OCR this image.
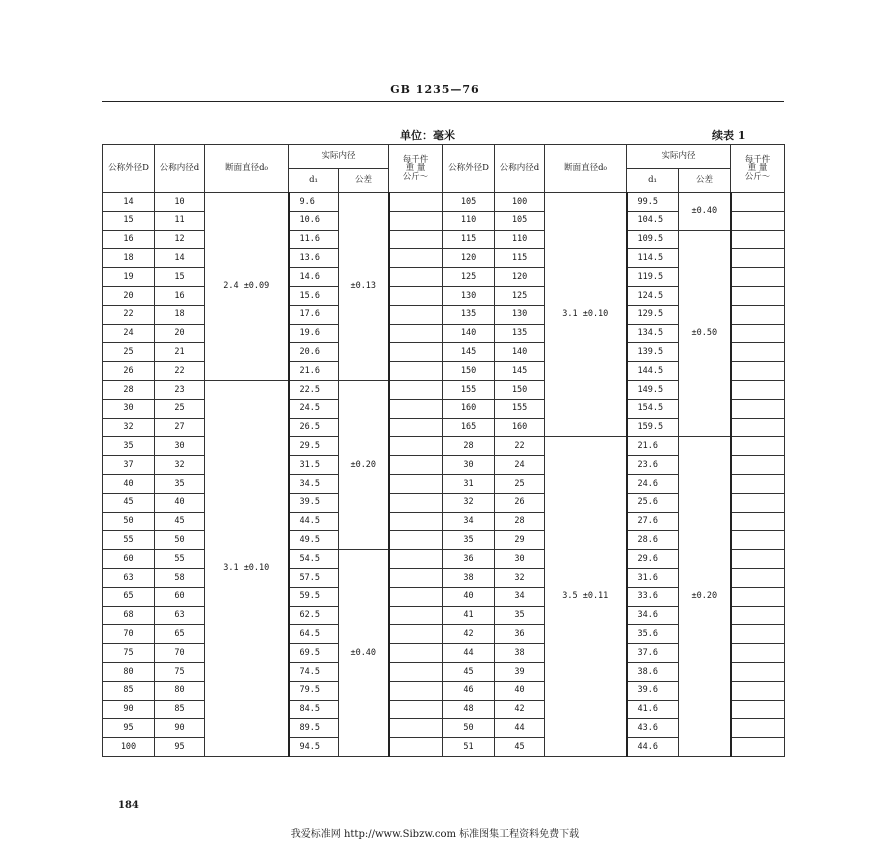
GB 1235—76
单位：毫米	续表 1
公称外径D	公称内径d	断面直径d₀	实际内径		每千件
重 量
公斤～	公称外径D	公称内径d	断面直径d₀	实际内径		每千件
重 量
公斤～

			d₁	公差					d₁	公差	
14	10	2.4 ±0.09	9.6	±0.13		105	100	3.1 ±0.10	99.5	±0.40	
15	11		10.6			110	105		104.5		
16	12		11.6			115	110		109.5	±0.50	
18	14		13.6			120	115		114.5		
19	15		14.6			125	120		119.5		
20	16		15.6			130	125		124.5		
22	18		17.6			135	130		129.5		
24	20		19.6			140	135		134.5		
25	21		20.6			145	140		139.5		
26	22		21.6			150	145		144.5		
28	23	3.1 ±0.10	22.5	±0.20		155	150		149.5		
30	25		24.5			160	155		154.5		
32	27		26.5			165	160		159.5		
35	30		29.5			28	22	3.5 ±0.11	21.6	±0.20	
37	32		31.5			30	24		23.6		
40	35		34.5			31	25		24.6		
45	40		39.5			32	26		25.6		
50	45		44.5			34	28		27.6		
55	50		49.5			35	29		28.6		
60	55		54.5	±0.40		36	30		29.6		
63	58		57.5			38	32		31.6		
65	60		59.5			40	34		33.6		
68	63		62.5			41	35		34.6		
70	65		64.5			42	36		35.6		
75	70		69.5			44	38		37.6		
80	75		74.5			45	39		38.6		
85	80		79.5			46	40		39.6		
90	85		84.5			48	42		41.6		
95	90		89.5			50	44		43.6		
100	95		94.5			51	45		44.6		
184
我爱标准网 http://www.Sibzw.com 标准图集工程资料免费下载
